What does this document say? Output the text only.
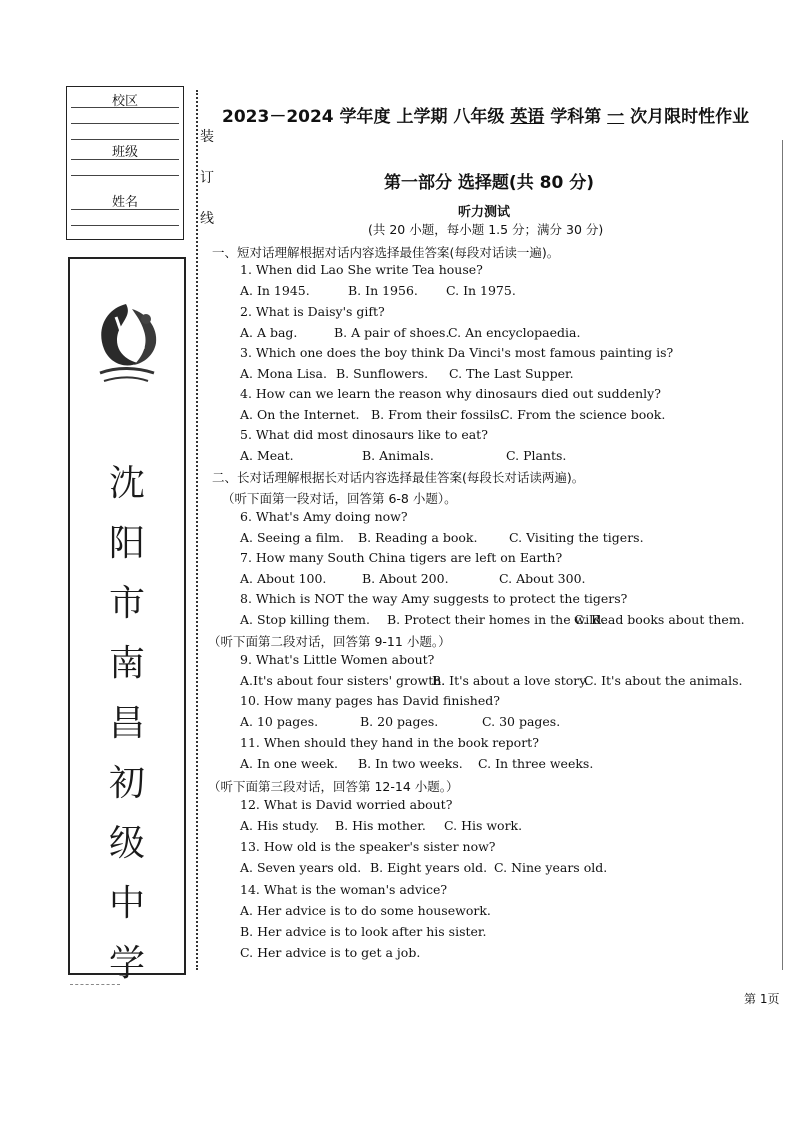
校区
班级
姓名
装
订
线
沈
阳
市
南
昌
初
级
中
学
2023－2024 学年度 上学期 八年级 英语 学科第 一 次月限时性作业
第一部分 选择题(共 80 分)
听力测试
(共 20 小题，每小题 1.5 分；满分 30 分)
一、短对话理解根据对话内容选择最佳答案(每段对话读一遍)。
1. When did Lao She write Tea house?
A. In 1945.	B. In 1956. C. In 1975.
2. What is Daisy's gift?
A. A bag.	B. A pair of shoes.
C. An encyclopaedia.
3. Which one does the boy think Da Vinci's most famous painting is?
A. Mona Lisa. B. Sunflowers. C. The Last Supper.
4. How can we learn the reason why dinosaurs died out suddenly?
A. On the Internet. B. From their fossils.
C. From the science book.
5. What did most dinosaurs like to eat?
A. Meat.	B. Animals.	C. Plants.
6. What's Amy doing now?
A. Seeing a film. B. Reading a book.	C. Visiting the tigers.
7. How many South China tigers are left on Earth?
A. About 100.	B. About 200.	C. About 300.
8. Which is NOT the way Amy suggests to protect the tigers?
A. Stop killing them. B. Protect their homes in the wild.
C. Read books about them.
9. What's Little Women about?
A.It's about four sisters' growth.
B. It's about a love story.
C. It's about the animals.
10. How many pages has David finished?
A. 10 pages.	B. 20 pages.	C. 30 pages.
11. When should they hand in the book report?
A. In one week. B. In two weeks. C. In three weeks.
12. What is David worried about?
A. His study. B. His mother. C. His work.
13. How old is the speaker's sister now?
A. Seven years old. B. Eight years old. C. Nine years old.
二、长对话理解根据长对话内容选择最佳答案(每段长对话读两遍)。
（听下面第一段对话，回答第 6-8 小题）。
（听下面第二段对话，回答第 9-11 小题。）
（听下面第三段对话，回答第 12-14 小题。）
14. What is the woman's advice?
A. Her advice is to do some housework.
B. Her advice is to look after his sister.
C. Her advice is to get a job.
第 1页
